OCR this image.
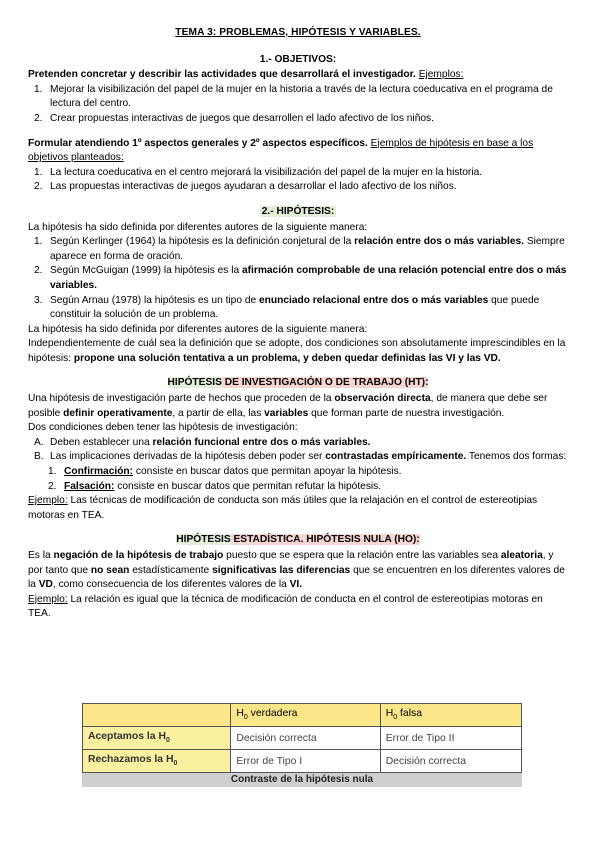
TEMA 3: PROBLEMAS, HIPÓTESIS Y VARIABLES.
1.- OBJETIVOS:

Pretenden concretar y describir las actividades que desarrollará el investigador. Ejemplos:

1. Mejorar la visibilización del papel de la mujer en la historia a través de la lectura coeducativa en el programa de lectura del centro.
2. Crear propuestas interactivas de juegos que desarrollen el lado afectivo de los niños.

Formular atendiendo 1º aspectos generales y 2º aspectos específicos. Ejemplos de hipótesis en base a los objetivos planteados:

1. La lectura coeducativa en el centro mejorará la visibilización del papel de la mujer en la historia.
2. Las propuestas interactivas de juegos ayudaran a desarrollar el lado afectivo de los niños.
2.- HIPÓTESIS:

La hipótesis ha sido definida por diferentes autores de la siguiente manera:

1. Según Kerlinger (1964) la hipótesis es la definición conjetural de la relación entre dos o más variables. Siempre aparece en forma de oración.
2. Según McGuigan (1999) la hipótesis es la afirmación comprobable de una relación potencial entre dos o más variables.
3. Según Arnau (1978) la hipótesis es un tipo de enunciado relacional entre dos o más variables que puede constituir la solución de un problema.

La hipótesis ha sido definida por diferentes autores de la siguiente manera:

Independientemente de cuál sea la definición que se adopte, dos condiciones son absolutamente imprescindibles en la hipótesis: propone una solución tentativa a un problema, y deben quedar definidas las VI y las VD.

HIPÓTESIS DE INVESTIGACIÓN O DE TRABAJO (HT):

Una hipótesis de investigación parte de hechos que proceden de la observación directa, de manera que debe ser posible definir operativamente, a partir de ella, las variables que forman parte de nuestra investigación.

Dos condiciones deben tener las hipótesis de investigación:

A. Deben establecer una relación funcional entre dos o más variables.
B. Las implicaciones derivadas de la hipótesis deben poder ser contrastadas empíricamente. Tenemos dos formas:
1. Confirmación: consiste en buscar datos que permitan apoyar la hipótesis.
2. Falsación: consiste en buscar datos que permitan refutar la hipótesis.

Ejemplo: Las técnicas de modificación de conducta son más útiles que la relajación en el control de estereotipias motoras en TEA.

HIPÓTESIS ESTADÍSTICA. HIPÓTESIS NULA (HO):

Es la negación de la hipótesis de trabajo puesto que se espera que la relación entre las variables sea aleatoria, y por tanto que no sean estadísticamente significativas las diferencias que se encuentren en los diferentes valores de la VD, como consecuencia de los diferentes valores de la VI.

Ejemplo: La relación es igual que la técnica de modificación de conducta en el control de estereotipias motoras en TEA.

	$H_0$ verdadera	$H_0$ falsa
Aceptamos la $H_0$	Decisión correcta	Error de Tipo II
Rechazamos la $H_0$	Error de Tipo I	Decisión correcta
Contraste de la hipótesis nula
